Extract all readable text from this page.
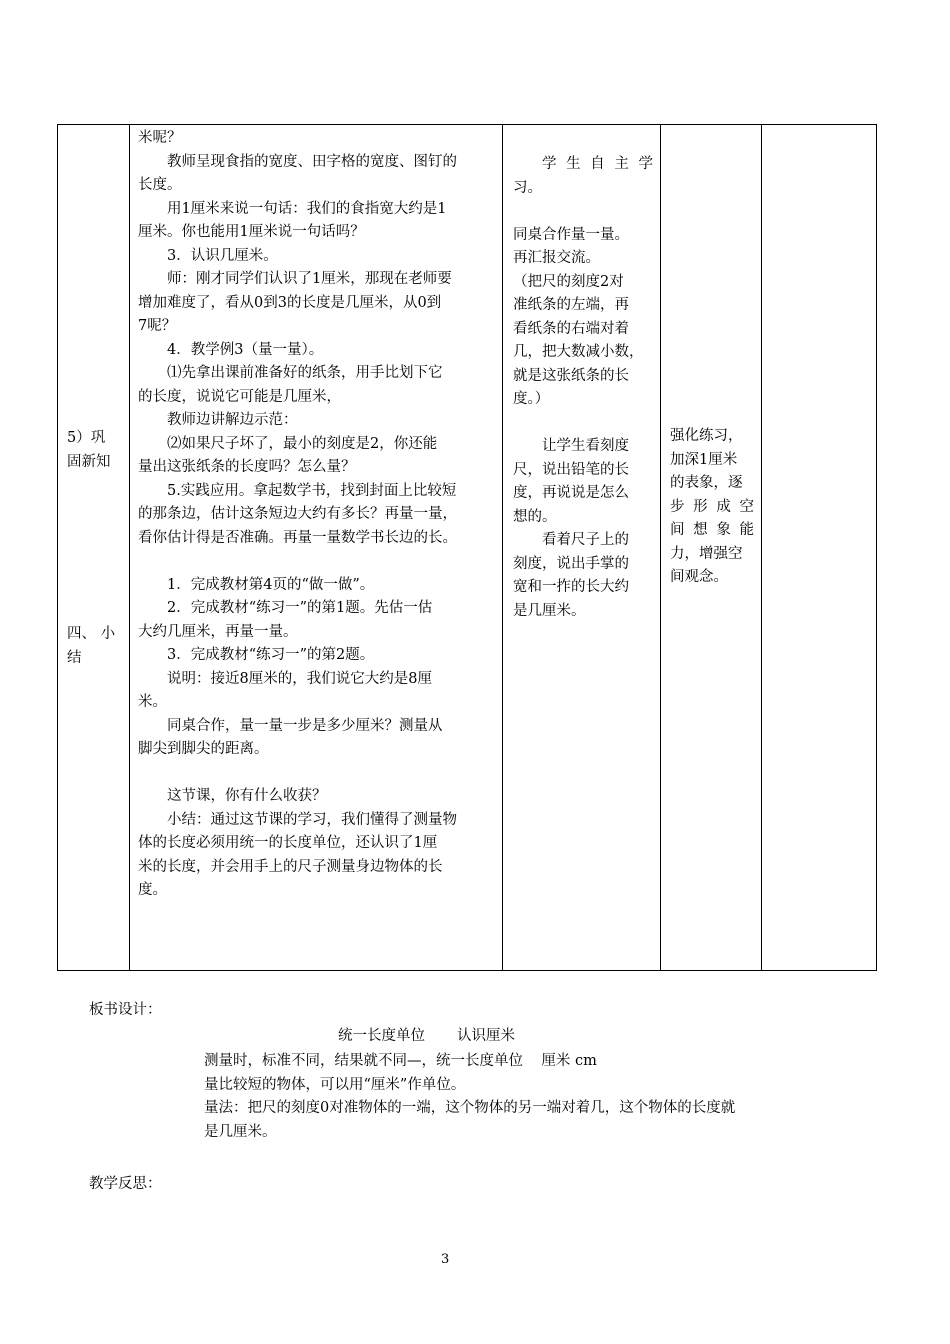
5）巩

固新知

四、 小

结

米呢？

教师呈现食指的宽度、田字格的宽度、图钉的

长度。

用1厘米来说一句话：我们的食指宽大约是1

厘米。你也能用1厘米说一句话吗？

3．认识几厘米。

师：刚才同学们认识了1厘米，那现在老师要

增加难度了，看从0到3的长度是几厘米，从0到

7呢？

4．教学例3（量一量）。

⑴先拿出课前准备好的纸条，用手比划下它

的长度，说说它可能是几厘米，

教师边讲解边示范：

⑵如果尺子坏了，最小的刻度是2，你还能

量出这张纸条的长度吗？怎么量？

5.实践应用。拿起数学书，找到封面上比较短

的那条边，估计这条短边大约有多长？再量一量，

看你估计得是否准确。再量一量数学书长边的长。

1．完成教材第4页的“做一做”。

2．完成教材“练习一”的第1题。先估一估

大约几厘米，再量一量。

3．完成教材“练习一”的第2题。

说明：接近8厘米的，我们说它大约是8厘

米。

同桌合作，量一量一步是多少厘米？测量从

脚尖到脚尖的距离。

这节课，你有什么收获？

小结：通过这节课的学习，我们懂得了测量物

体的长度必须用统一的长度单位，还认识了1厘

米的长度，并会用手上的尺子测量身边物体的长

度。

学 生 自 主 学

习。

同桌合作量一量。

再汇报交流。

（把尺的刻度2对

准纸条的左端，再

看纸条的右端对着

几，把大数减小数，

就是这张纸条的长

度。）

让学生看刻度

尺，说出铅笔的长

度，再说说是怎么

想的。

看着尺子上的

刻度，说出手掌的

宽和一拃的长大约

是几厘米。

强化练习，

加深1厘米

的表象，逐

步 形 成 空

间 想 象 能

力，增强空

间观念。

板书设计：
统一长度单位 认识厘米

测量时，标准不同，结果就不同—，统一长度单位    厘米 cm

量比较短的物体，可以用“厘米”作单位。

量法：把尺的刻度0对准物体的一端，这个物体的另一端对着几，这个物体的长度就

是几厘米。

教学反思：
3
